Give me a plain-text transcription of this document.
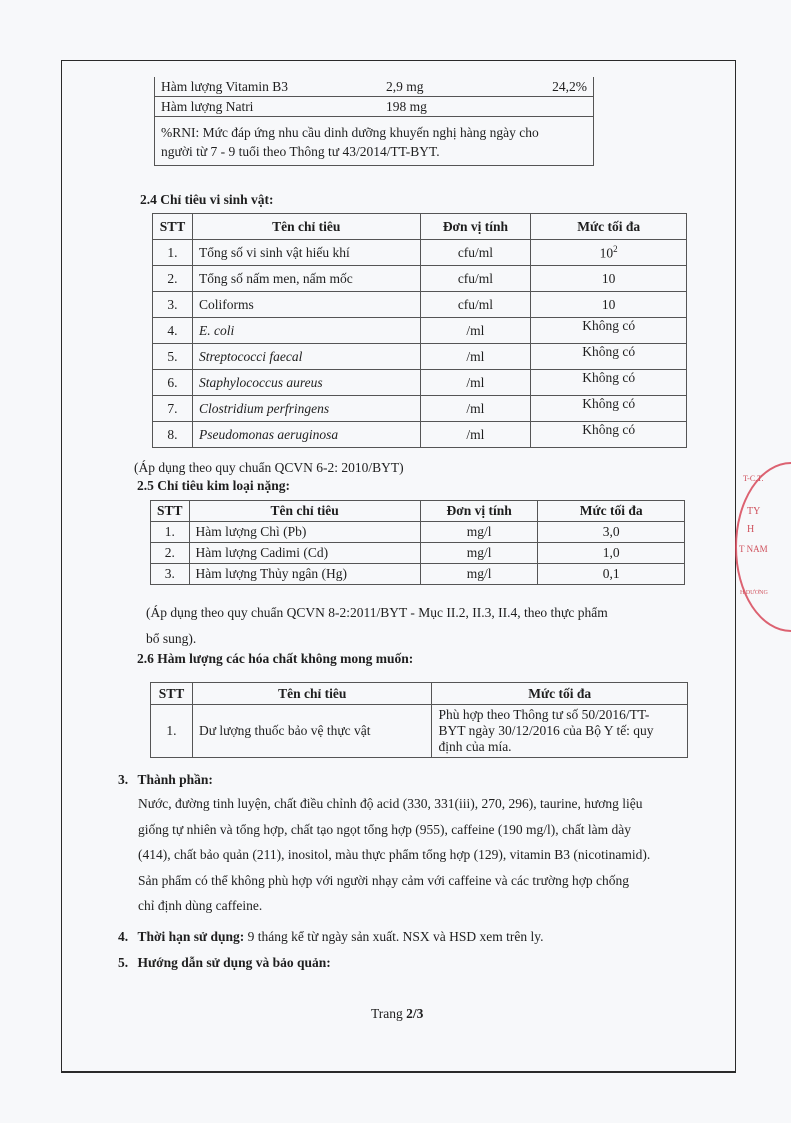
Hàm lượng Vitamin B3	2,9 mg	24,2%
Hàm lượng Natri	198 mg	

%RNI: Mức đáp ứng nhu cầu dinh dưỡng khuyến nghị hàng ngày cho
người từ 7 - 9 tuổi theo Thông tư 43/2014/TT-BYT.		
2.4 Chỉ tiêu vi sinh vật:
STT	Tên chỉ tiêu	Đơn vị tính	Mức tối đa
1.	Tổng số vi sinh vật hiếu khí	cfu/ml	$10^2$
2.	Tổng số nấm men, nấm mốc	cfu/ml	10
3.	Coliforms	cfu/ml	10
4.	E. coli	/ml	Không có
5.	Streptococci faecal	/ml	Không có
6.	Staphylococcus aureus	/ml	Không có
7.	Clostridium perfringens	/ml	Không có
8.	Pseudomonas aeruginosa	/ml	Không có
(Áp dụng theo quy chuẩn QCVN 6-2: 2010/BYT)
2.5 Chỉ tiêu kim loại nặng:
STT	Tên chỉ tiêu	Đơn vị tính	Mức tối đa
1.	Hàm lượng Chì (Pb)	mg/l	3,0
2.	Hàm lượng Cadimi (Cd)	mg/l	1,0
3.	Hàm lượng Thủy ngân (Hg)	mg/l	0,1
(Áp dụng theo quy chuẩn QCVN 8-2:2011/BYT - Mục II.2, II.3, II.4, theo thực phẩm
bổ sung).
2.6 Hàm lượng các hóa chất không mong muốn:
STT	Tên chỉ tiêu	Mức tối đa
1.	Dư lượng thuốc bảo vệ thực vật	Phù hợp theo Thông tư số 50/2016/TT-
BYT ngày 30/12/2016 của Bộ Y tế: quy
định của mía.
3. Thành phần:
Nước, đường tinh luyện, chất điều chỉnh độ acid (330, 331(iii), 270, 296), taurine, hương liệu
giống tự nhiên và tổng hợp, chất tạo ngọt tổng hợp (955), caffeine (190 mg/l), chất làm dày
(414), chất bảo quản (211), inositol, màu thực phẩm tổng hợp (129), vitamin B3 (nicotinamid).
Sản phẩm có thể không phù hợp với người nhạy cảm với caffeine và các trường hợp chống
chỉ định dùng caffeine.
4. Thời hạn sử dụng: 9 tháng kể từ ngày sản xuất. NSX và HSD xem trên ly.
5. Hướng dẫn sử dụng và bảo quản:
Trang 2/3
T-C.T.
TY
H
T NAM
H DƯƠNG
